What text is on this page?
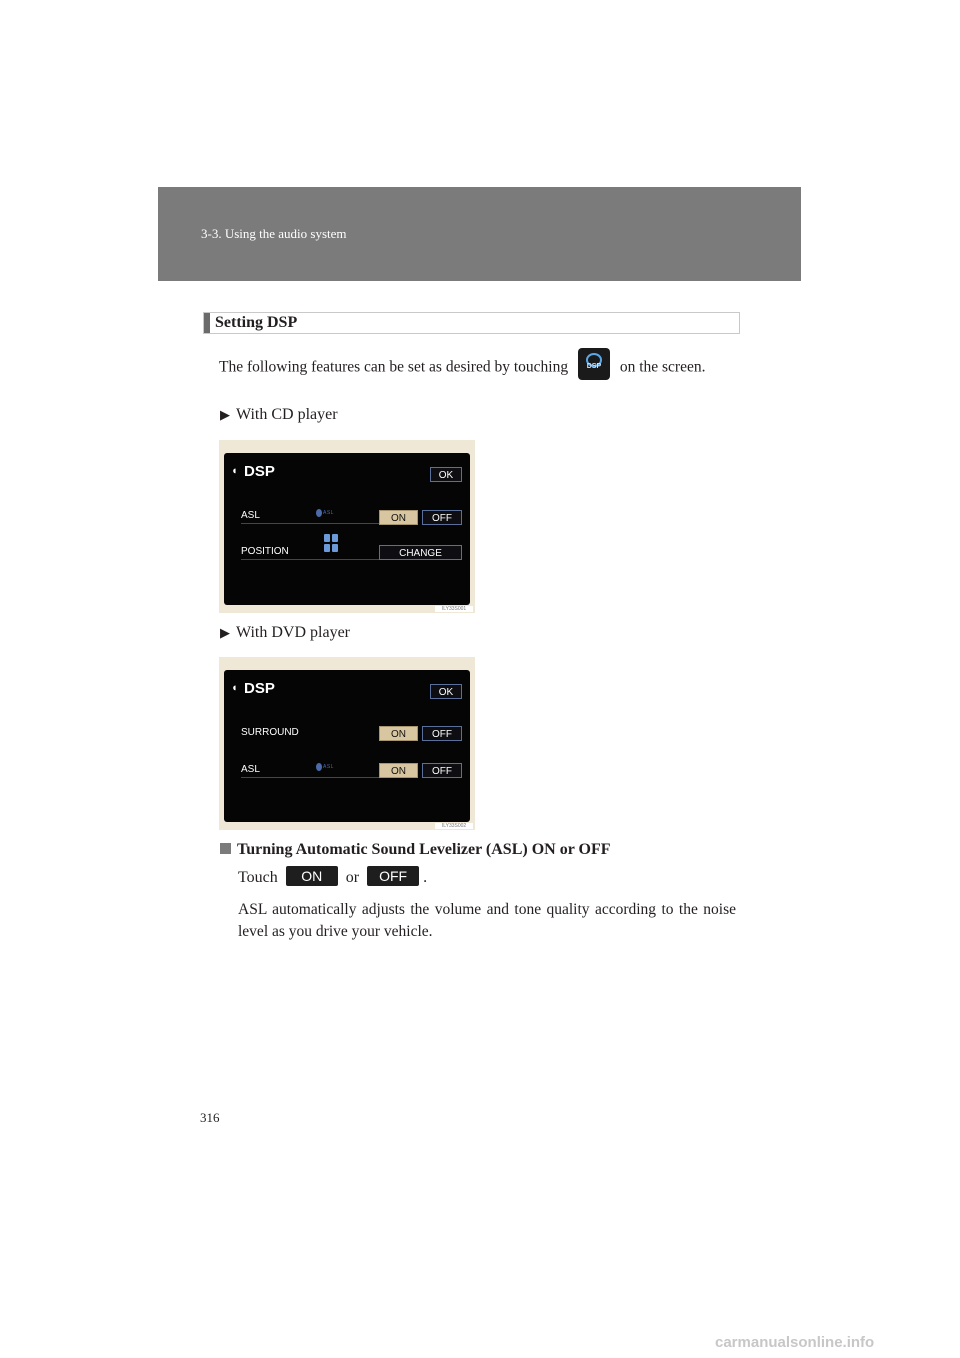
3-3. Using the audio system
Setting DSP
The following features can be set as desired by touching	DSP	on the screen.
▶ With CD player
◖ DSP	OK
ASL	ASL	ON	OFF
POSITION	CHANGE
ILY33S001
▶ With DVD player
◖ DSP	OK
SURROUND	ON	OFF
ASL	ASL	ON	OFF
ILY33S002
Turning Automatic Sound Levelizer (ASL) ON or OFF
Touch ON or OFF .
ASL automatically adjusts the volume and tone quality according to the noise level as you drive your vehicle.
316
carmanualsonline.info
